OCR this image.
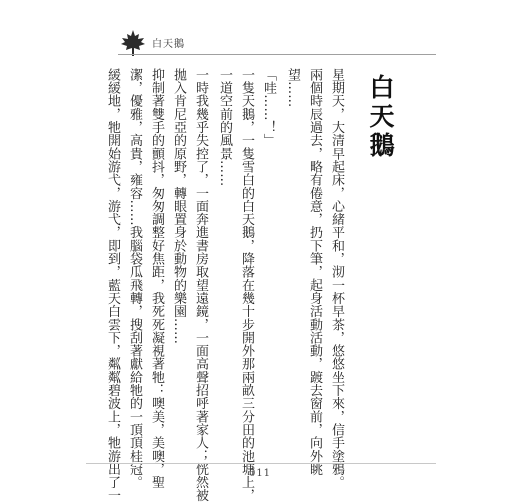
白天鵝
白天鵝
星期天，大清早起床，心緒平和，沏一杯早茶，悠悠坐下來，信手塗鴉。
兩個時辰過去，略有倦意，扔下筆，起身活動活動，踱去窗前，向外眺
望……
「哇……！」
一隻天鵝，一隻雪白的白天鵝，降落在幾十步開外那兩畝三分田的池塘上，
一道空前的風景……
一時我幾乎失控了，一面奔進書房取望遠鏡，一面高聲招呼著家人；恍然被
拋入肯尼亞的原野，轉眼置身於動物的樂園……
抑制著雙手的顫抖，匆匆調整好焦距，我死死凝視著牠：噢美，美噢，聖
潔，優雅，高貴，雍容……我腦袋瓜飛轉，搜刮著獻給牠的一頂頂桂冠。
緩緩地，牠開始游弋，游弋，即到，藍天白雲下，粼粼碧波上，牠游出了一	011
